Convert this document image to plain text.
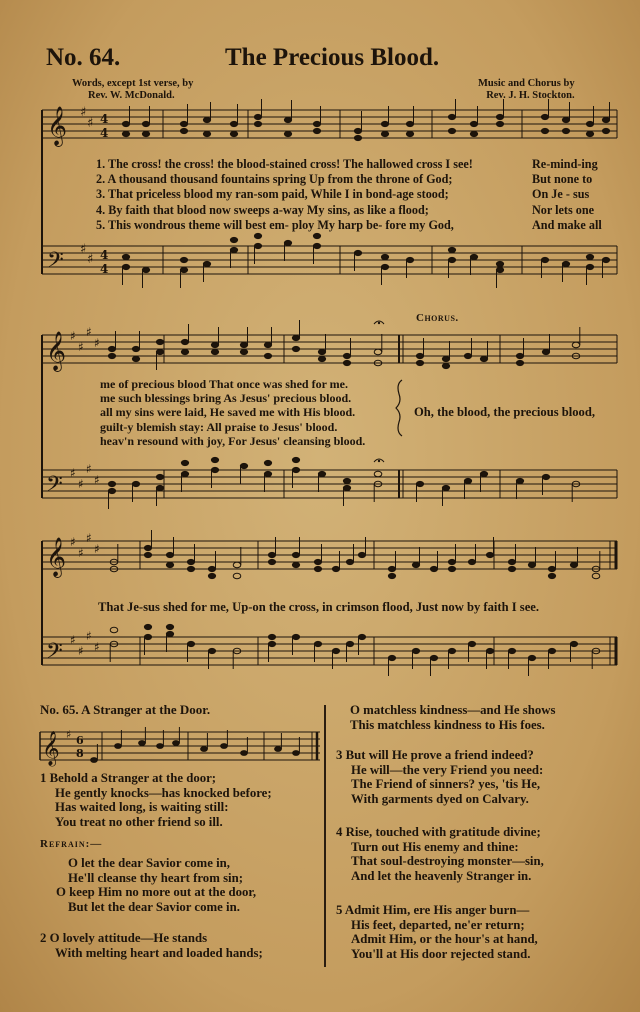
No. 64.	The Precious Blood.
Words, except 1st verse, by
Rev. W. McDonald.
Music and Chorus by
Rev. J. H. Stockton.
𝄞
𝄢
♯
♯
♯
♯
4
4
4
4
1. The cross! the cross! the blood-stained cross! The hallowed cross I see!	Re-mind-ing
2. A thousand thousand fountains spring Up from the throne of God;	But none to
3. That priceless blood my ran-som paid, While I in bond-age stood;	On Je - sus
4. By faith that blood now sweeps a-way My sins, as like a flood;	Nor lets one
5. This wondrous theme will best em- ploy My harp be- fore my God,	And make all
𝄞
𝄢
♯
♯
♯
♯
♯
♯
♯
♯
Chorus.
me of precious blood That once was shed for me.
me such blessings bring As Jesus' precious blood.
all my sins were laid, He saved me with His blood.
guilt-y blemish stay: All praise to Jesus' blood.
heav'n resound with joy, For Jesus' cleansing blood.
Oh, the blood, the precious blood,
𝄞
𝄢
♯
♯
♯
♯
♯
♯
♯
♯
That Je-sus shed for me, Up-on the cross, in crimson flood, Just now by faith I see.
No. 65. A Stranger at the Door.
𝄞 ♯ 6
8
1 Behold a Stranger at the door;
He gently knocks—has knocked before;
Has waited long, is waiting still:
You treat no other friend so ill.
Refrain:—
O let the dear Savior come in,
He'll cleanse thy heart from sin;
O keep Him no more out at the door,
But let the dear Savior come in.
2 O lovely attitude—He stands
With melting heart and loaded hands;
O matchless kindness—and He shows
This matchless kindness to His foes.
3 But will He prove a friend indeed?
He will—the very Friend you need:
The Friend of sinners? yes, 'tis He,
With garments dyed on Calvary.
4 Rise, touched with gratitude divine;
Turn out His enemy and thine:
That soul-destroying monster—sin,
And let the heavenly Stranger in.
5 Admit Him, ere His anger burn—
His feet, departed, ne'er return;
Admit Him, or the hour's at hand,
You'll at His door rejected stand.
